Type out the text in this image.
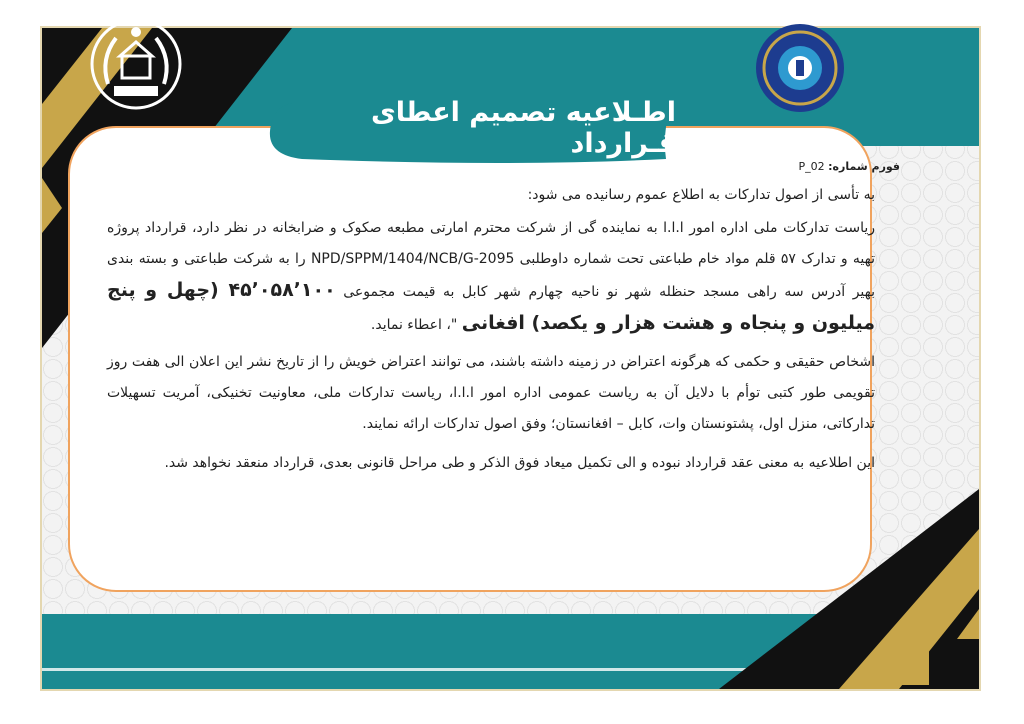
اطـلاعیه تصمیم اعطای قـرارداد
فورم شماره: P_02

به تأسی از اصول تدارکات به اطلاع عموم رسانیده می شود:

ریاست تدارکات ملی اداره امور ا.ا.ا به نماینده گی از شرکت محترم امارتی مطبعه صکوک و ضرابخانه در نظر دارد، قرارداد پروژه تهیه و تدارک ۵۷ قلم مواد خام طباعتی تحت شماره داوطلبی NPD/SPPM/1404/NCB/G-2095 را به شرکت طباعتی و بسته بندی بهیر آدرس سه راهی مسجد حنظله شهر نو ناحیه چهارم شهر کابل به قیمت مجموعی ۴۵٬۰۵۸٬۱۰۰ (چهل و پنج میلیون و پنجاه و هشت هزار و یکصد) افغانی "، اعطاء نماید.

اشخاص حقیقی و حکمی که هرگونه اعتراض در زمینه داشته باشند، می توانند اعتراض خویش را از تاریخ نشر این اعلان الی هفت روز تقویمی طور کتبی توأم با دلایل آن به ریاست عمومی اداره امور ا.ا.ا، ریاست تدارکات ملی، معاونیت تخنیکی، آمریت تسهیلات تدارکاتی، منزل اول، پشتونستان وات، کابل – افغانستان؛ وفق اصول تدارکات ارائه نمایند.

این اطلاعیه به معنی عقد قرارداد نبوده و الی تکمیل میعاد فوق الذکر و طی مراحل قانونی بعدی، قرارداد منعقد نخواهد شد.
